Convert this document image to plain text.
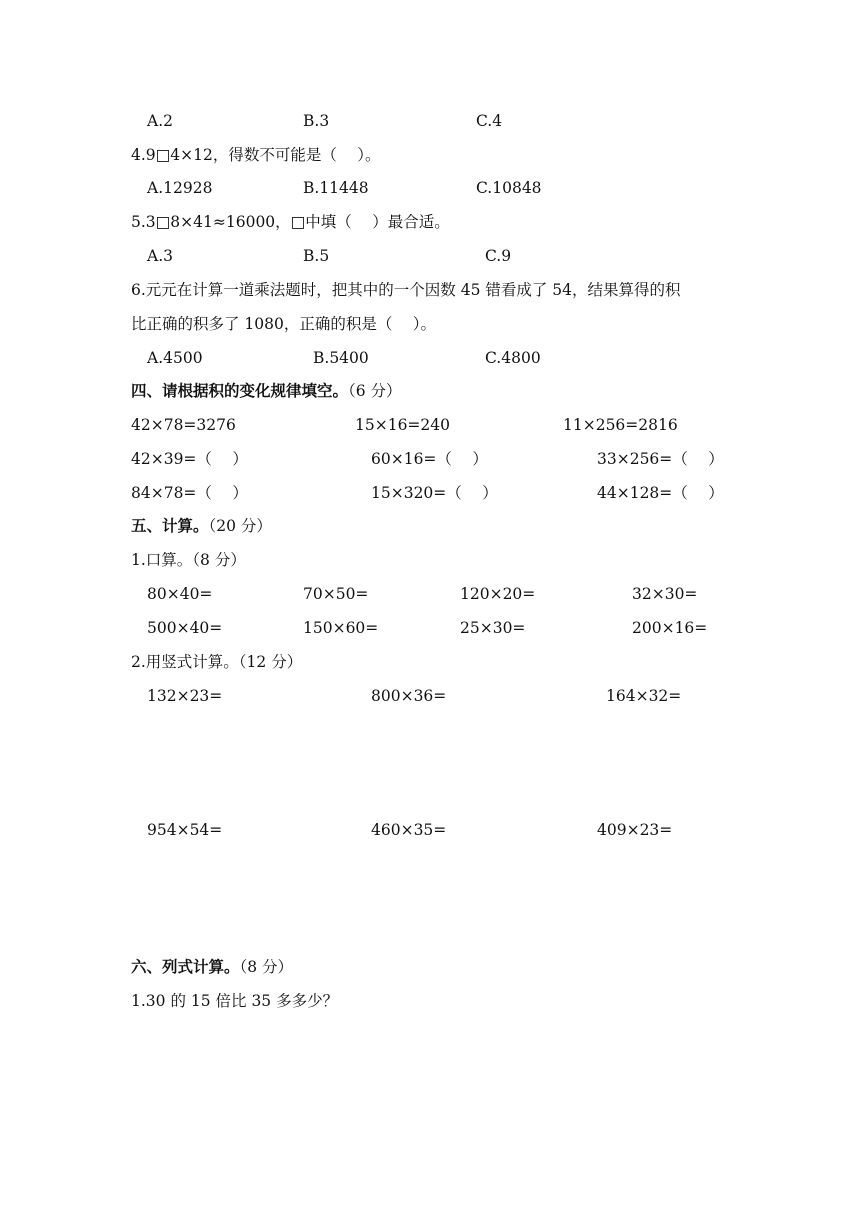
A.2	B.3	C.4
4.9□4×12，得数不可能是（　 ）。
A.12928	B.11448	C.10848
5.3□8×41≈16000，□中填（　 ）最合适。
A.3	B.5	C.9
6.元元在计算一道乘法题时，把其中的一个因数 45 错看成了 54，结果算得的积
比正确的积多了 1080，正确的积是（　 ）。
A.4500	B.5400	C.4800
四、请根据积的变化规律填空。（6 分）
42×78=3276	15×16=240	11×256=2816
42×39=（　 ）	60×16=（　 ）	33×256=（　 ）
84×78=（　 ）	15×320=（　 ）	44×128=（　 ）
五、计算。（20 分）
1.口算。（8 分）
80×40=	70×50=	120×20=	32×30=
500×40=	150×60=	25×30=	200×16=
2.用竖式计算。（12 分）
132×23=	800×36=	164×32=
954×54=	460×35=	409×23=
六、列式计算。（8 分）
1.30 的 15 倍比 35 多多少？
